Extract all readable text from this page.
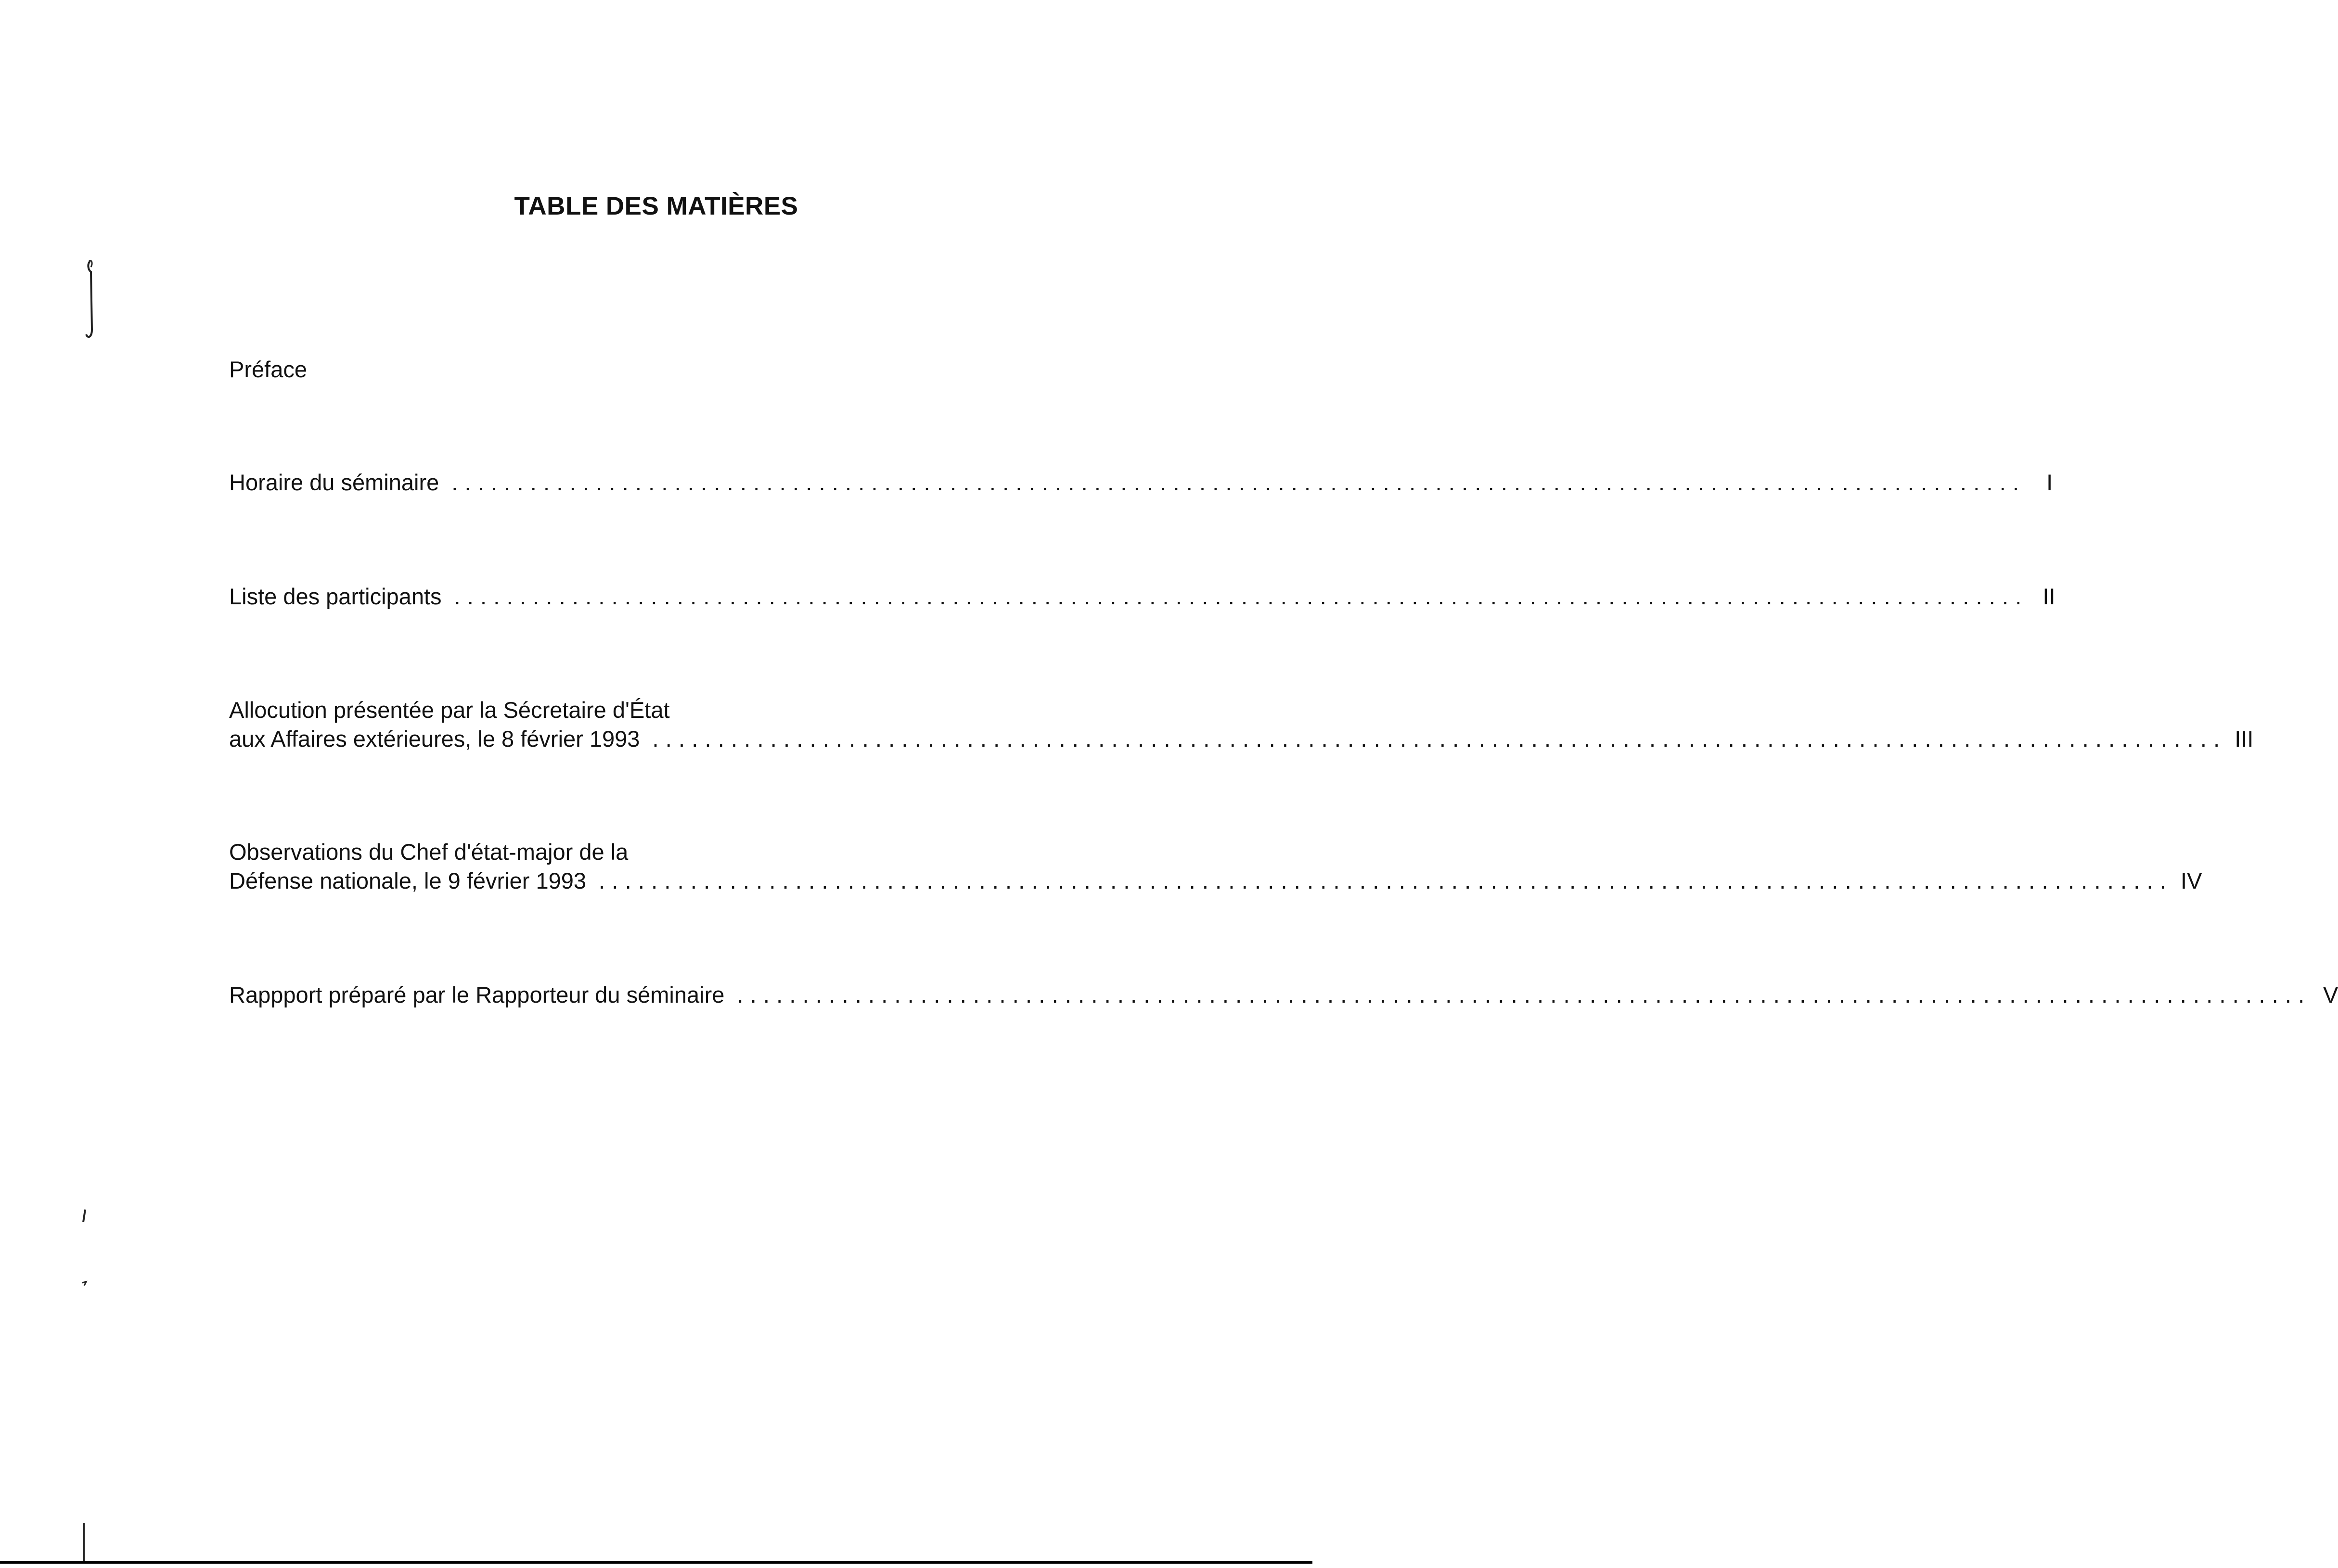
TABLE DES MATIÈRES
Préface
Horaire du séminaire ........................................................................................................................ I
Liste des participants ........................................................................................................................ II
Allocution présentée par la Sécretaire d'État
aux Affaires extérieures, le 8 février 1993 ........................................................................................................................ III
Observations du Chef d'état-major de la
Défense nationale, le 9 février 1993 ........................................................................................................................ IV
Rappport préparé par le Rapporteur du séminaire ........................................................................................................................ V
